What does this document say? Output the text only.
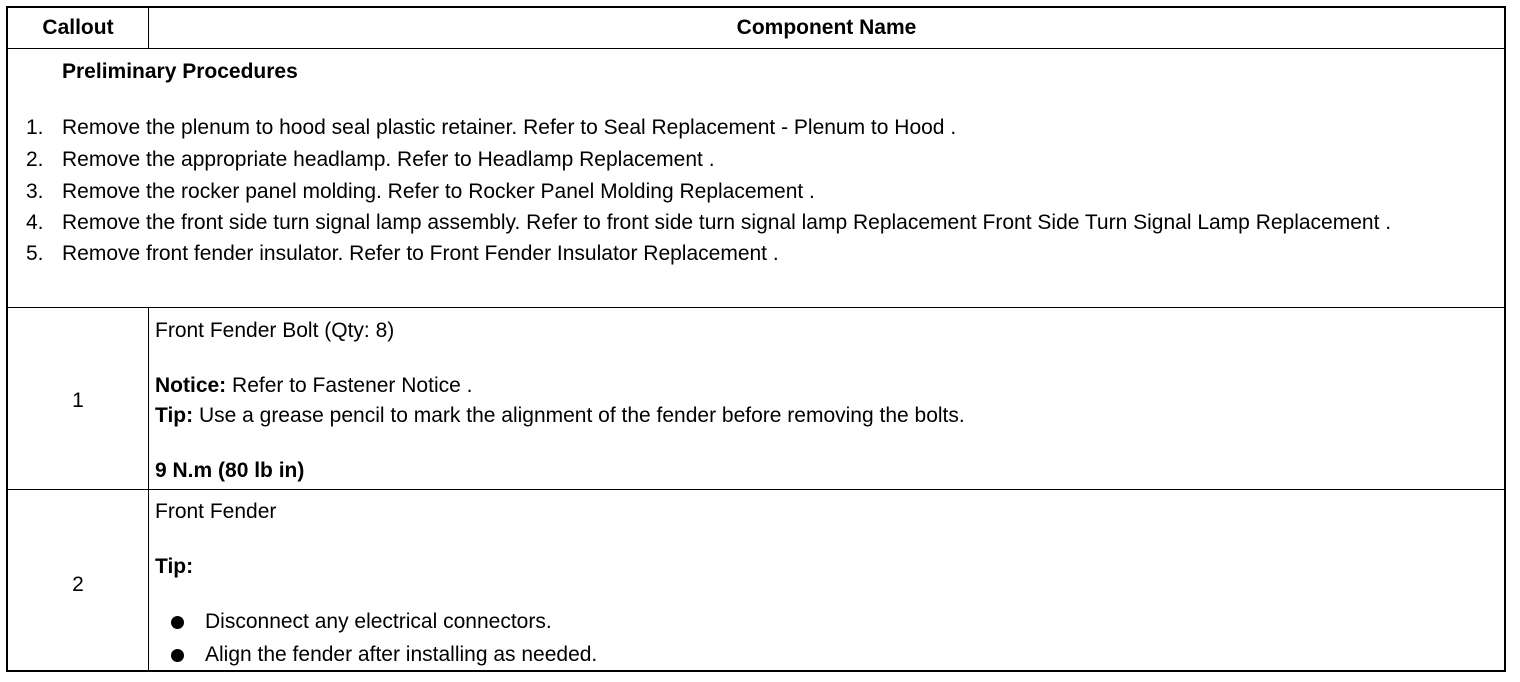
Callout	Component Name
Preliminary Procedures
1. Remove the plenum to hood seal plastic retainer. Refer to Seal Replacement - Plenum to Hood .
2. Remove the appropriate headlamp. Refer to Headlamp Replacement .
3. Remove the rocker panel molding. Refer to Rocker Panel Molding Replacement .
4. Remove the front side turn signal lamp assembly. Refer to front side turn signal lamp Replacement Front Side Turn Signal Lamp Replacement .
5. Remove front fender insulator. Refer to Front Fender Insulator Replacement .
1
Front Fender Bolt (Qty: 8)
Notice: Refer to Fastener Notice .
Tip: Use a grease pencil to mark the alignment of the fender before removing the bolts.
9 N.m (80 lb in)
2
Front Fender
Tip:
Disconnect any electrical connectors.
Align the fender after installing as needed.
